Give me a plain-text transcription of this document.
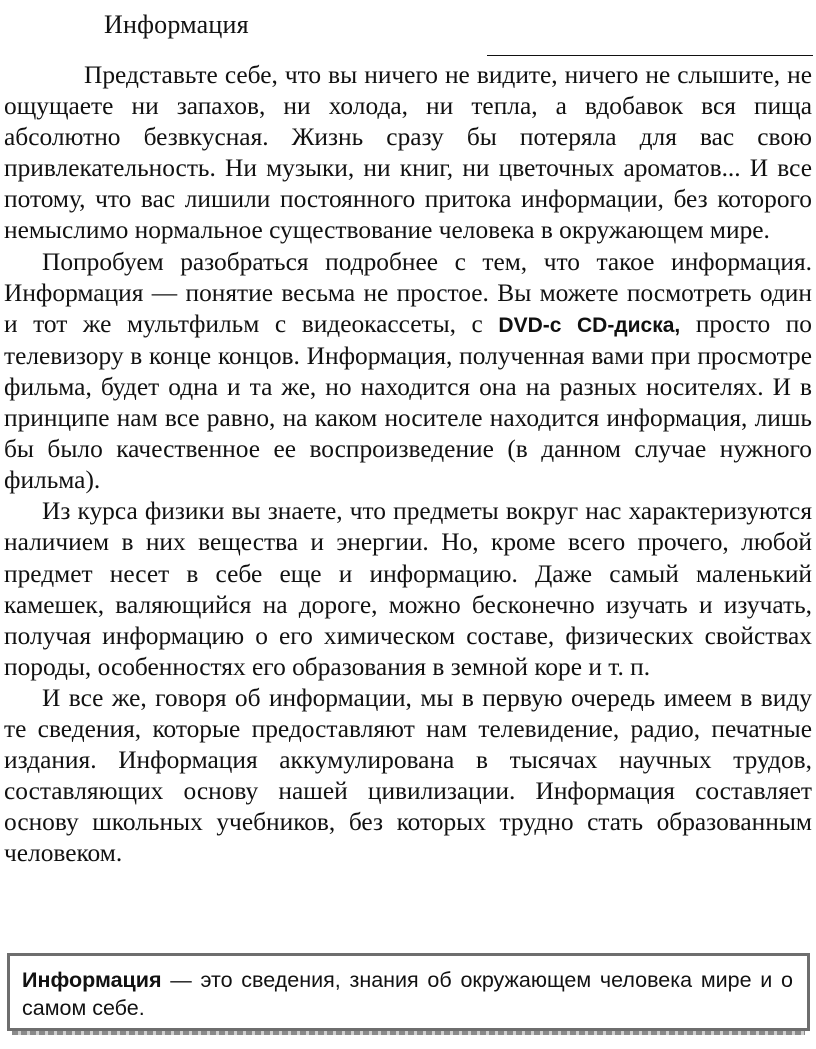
Информация

Представьте себе, что вы ничего не видите, ничего не слышите, не ощущаете ни запахов, ни холода, ни тепла, а вдобавок вся пища абсолютно безвкусная. Жизнь сразу бы потеряла для вас свою привлекательность. Ни музыки, ни книг, ни цветочных ароматов... И все потому, что вас лишили постоянного притока информации, без которого немыслимо нормальное существование человека в окружающем мире.

Попробуем разобраться подробнее с тем, что такое информация. Информация — понятие весьма не простое. Вы можете посмотреть один и тот же мультфильм с видеокассеты, с DVD-с CD-диска, просто по телевизору в конце концов. Информация, полученная вами при просмотре фильма, будет одна и та же, но находится она на разных носителях. И в принципе нам все равно, на каком носителе находится информация, лишь бы было качественное ее воспроизведение (в данном случае нужного фильма).

Из курса физики вы знаете, что предметы вокруг нас характеризуются наличием в них вещества и энергии. Но, кроме всего прочего, любой предмет несет в себе еще и информацию. Даже самый маленький камешек, валяющийся на дороге, можно бесконечно изучать и изучать, получая информацию о его химическом составе, физических свойствах породы, особенностях его образования в земной коре и т. п.

И все же, говоря об информации, мы в первую очередь имеем в виду те сведения, которые предоставляют нам телевидение, радио, печатные издания. Информация аккумулирована в тысячах научных трудов, составляющих основу нашей цивилизации. Информация составляет основу школьных учебников, без которых трудно стать образованным человеком.

Информация — это сведения, знания об окружающем человека мире и о самом себе.
